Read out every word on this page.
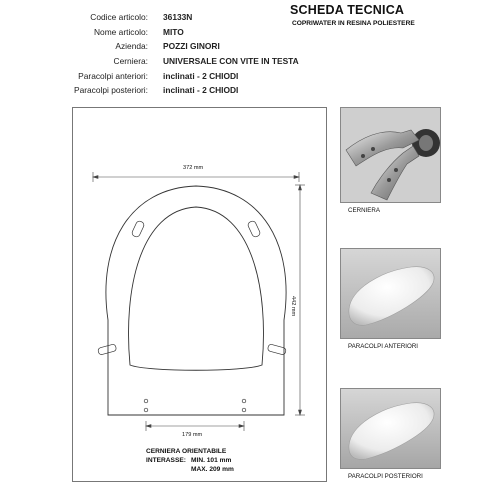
Codice articolo: 36133N
Nome articolo: MITO
Azienda: POZZI GINORI
Cerniera: UNIVERSALE CON VITE IN TESTA
Paracolpi anteriori: inclinati - 2 CHIODI
Paracolpi posteriori: inclinati - 2 CHIODI
SCHEDA TECNICA
COPRIWATER IN RESINA POLIESTERE
372 mm
442 mm
179 mm
CERNIERA ORIENTABILE
INTERASSE: MIN. 101 mm
MAX. 209 mm
CERNIERA
PARACOLPI ANTERIORI
PARACOLPI POSTERIORI
